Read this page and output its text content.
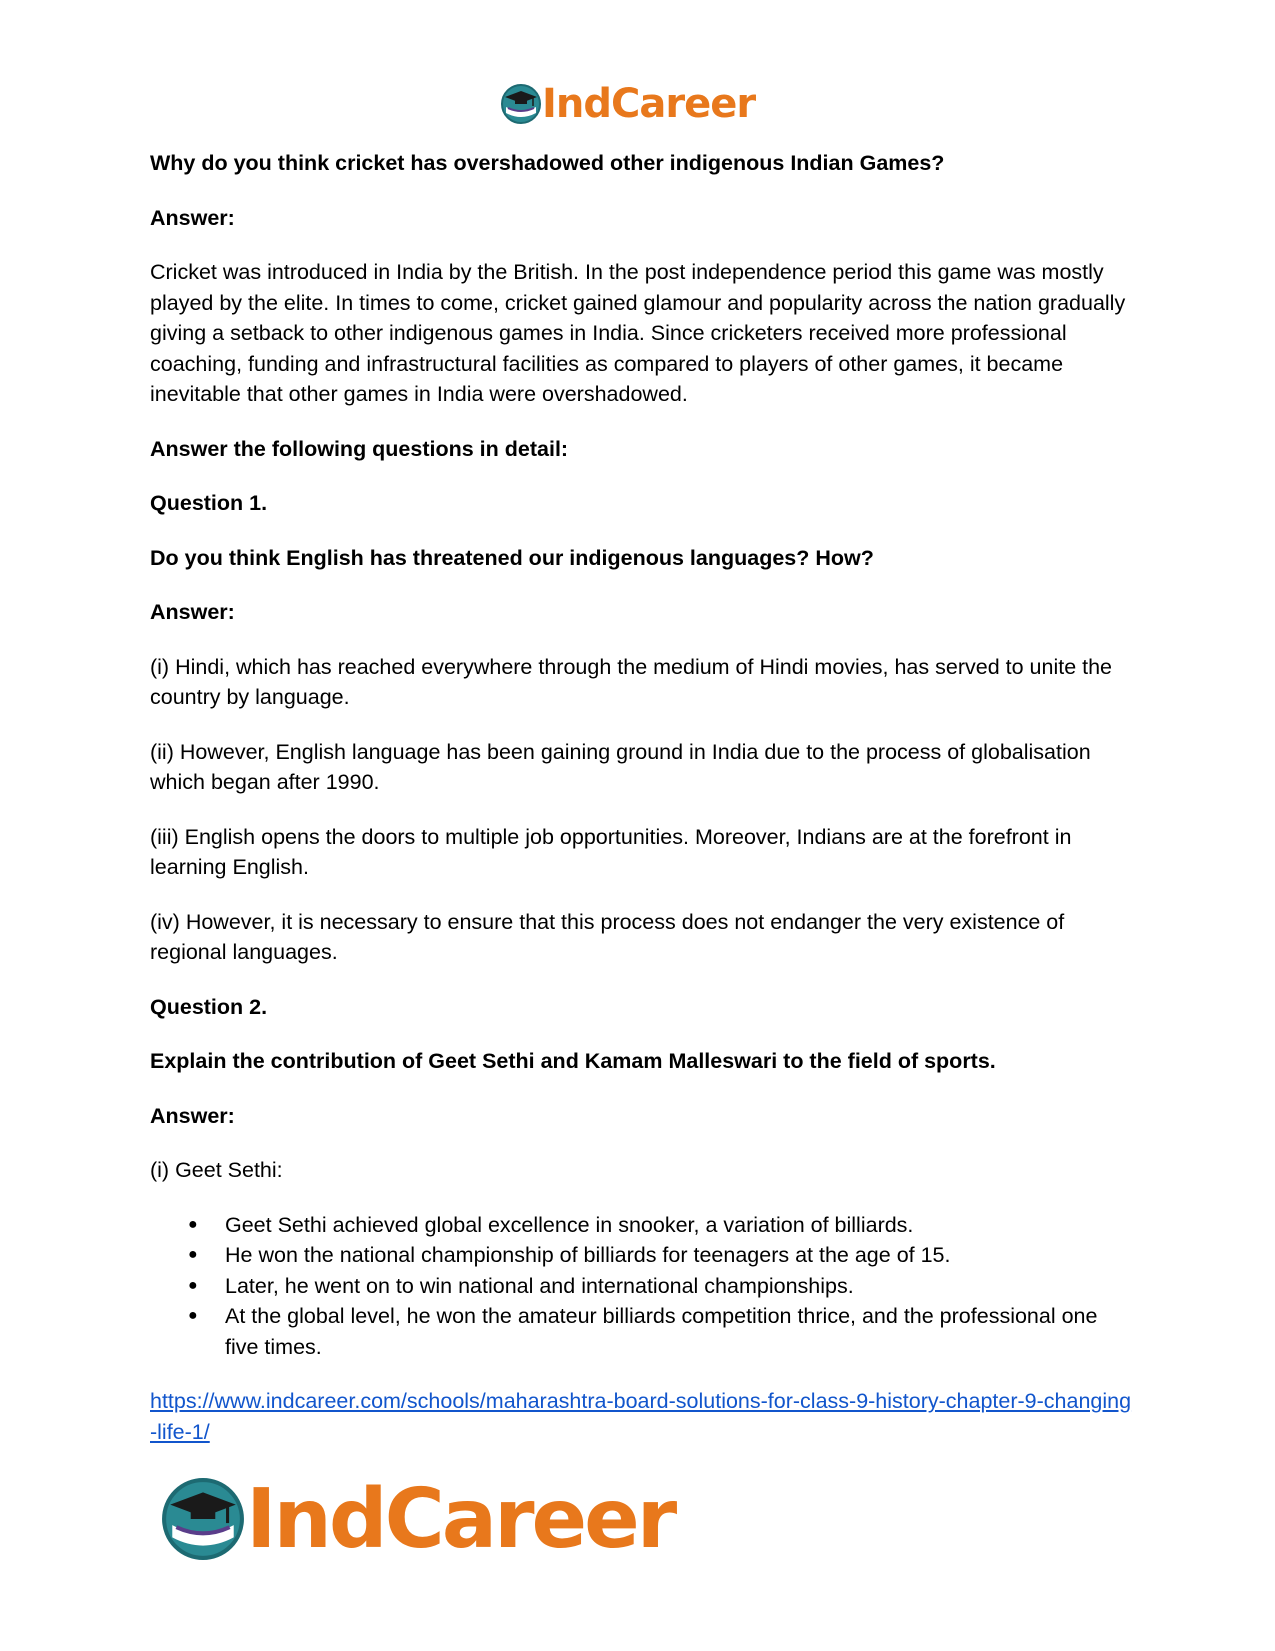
IndCareer

Why do you think cricket has overshadowed other indigenous Indian Games?

Answer:

Cricket was introduced in India by the British. In the post independence period this game was mostly played by the elite. In times to come, cricket gained glamour and popularity across the nation gradually giving a setback to other indigenous games in India. Since cricketers received more professional coaching, funding and infrastructural facilities as compared to players of other games, it became inevitable that other games in India were overshadowed.

Answer the following questions in detail:

Question 1.

Do you think English has threatened our indigenous languages? How?

Answer:

(i) Hindi, which has reached everywhere through the medium of Hindi movies, has served to unite the country by language.

(ii) However, English language has been gaining ground in India due to the process of globalisation which began after 1990.

(iii) English opens the doors to multiple job opportunities. Moreover, Indians are at the forefront in learning English.

(iv) However, it is necessary to ensure that this process does not endanger the very existence of regional languages.

Question 2.

Explain the contribution of Geet Sethi and Kamam Malleswari to the field of sports.

Answer:

(i) Geet Sethi:

● Geet Sethi achieved global excellence in snooker, a variation of billiards.
● He won the national championship of billiards for teenagers at the age of 15.
● Later, he went on to win national and international championships.
● At the global level, he won the amateur billiards competition thrice, and the professional one five times.

https://www.indcareer.com/schools/maharashtra-board-solutions-for-class-9-history-chapter-9-changing-life-1/

IndCareer
